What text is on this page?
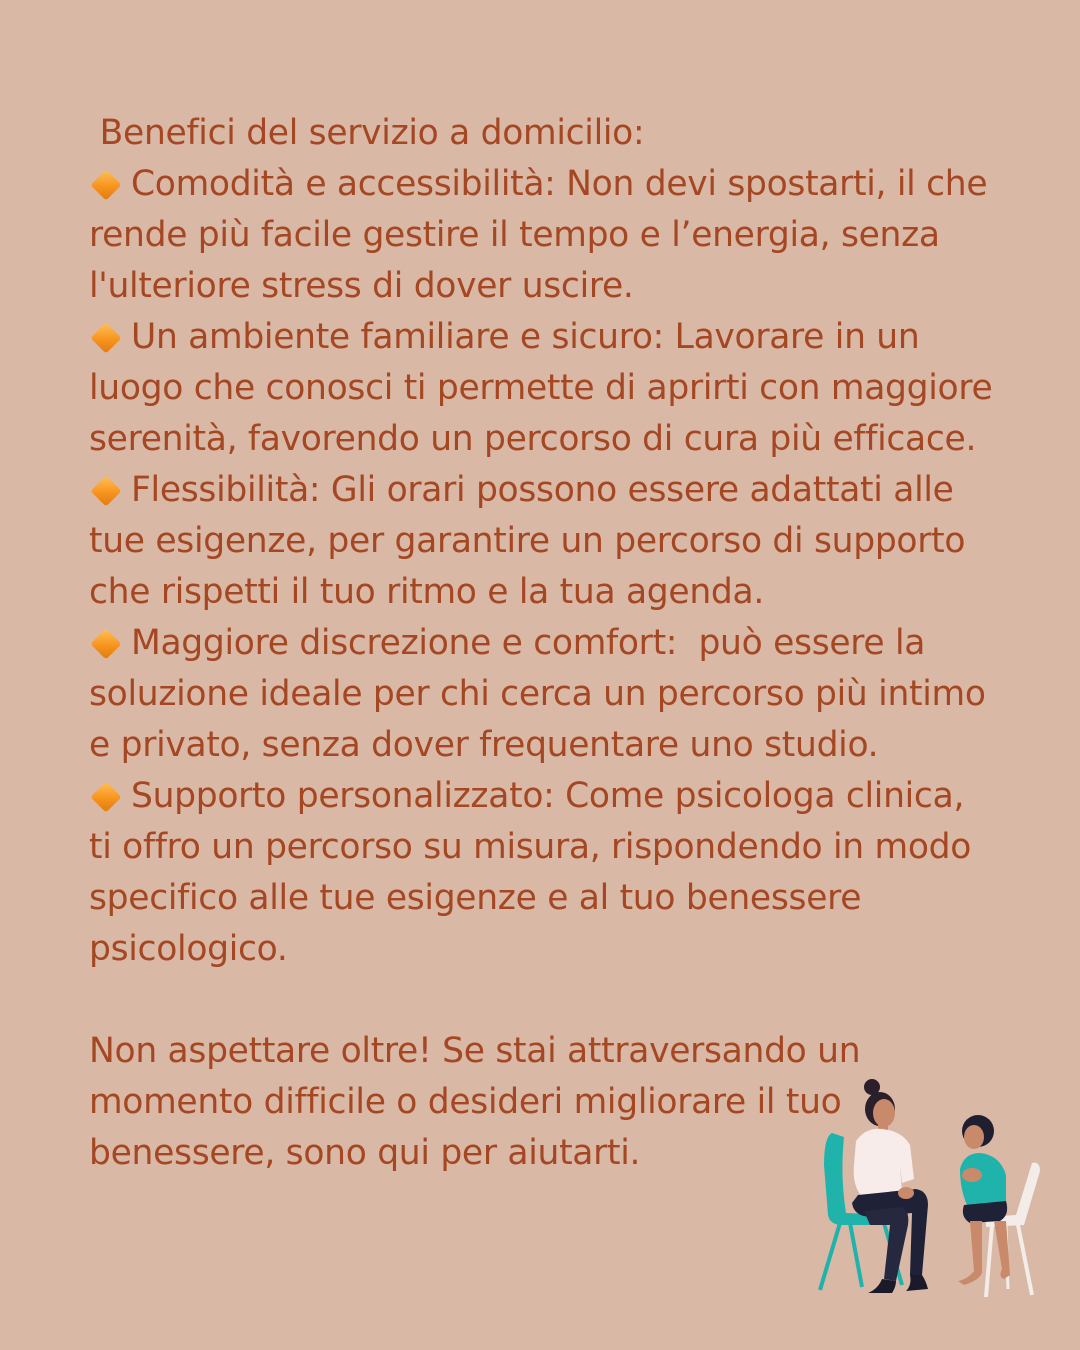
Benefici del servizio a domicilio:
Comodità e accessibilità: Non devi spostarti, il che
rende più facile gestire il tempo e l’energia, senza
l'ulteriore stress di dover uscire.
Un ambiente familiare e sicuro: Lavorare in un
luogo che conosci ti permette di aprirti con maggiore
serenità, favorendo un percorso di cura più efficace.
Flessibilità: Gli orari possono essere adattati alle
tue esigenze, per garantire un percorso di supporto
che rispetti il tuo ritmo e la tua agenda.
Maggiore discrezione e comfort:  può essere la
soluzione ideale per chi cerca un percorso più intimo
e privato, senza dover frequentare uno studio.
Supporto personalizzato: Come psicologa clinica,
ti offro un percorso su misura, rispondendo in modo
specifico alle tue esigenze e al tuo benessere
psicologico.
Non aspettare oltre! Se stai attraversando un
momento difficile o desideri migliorare il tuo
benessere, sono qui per aiutarti.
